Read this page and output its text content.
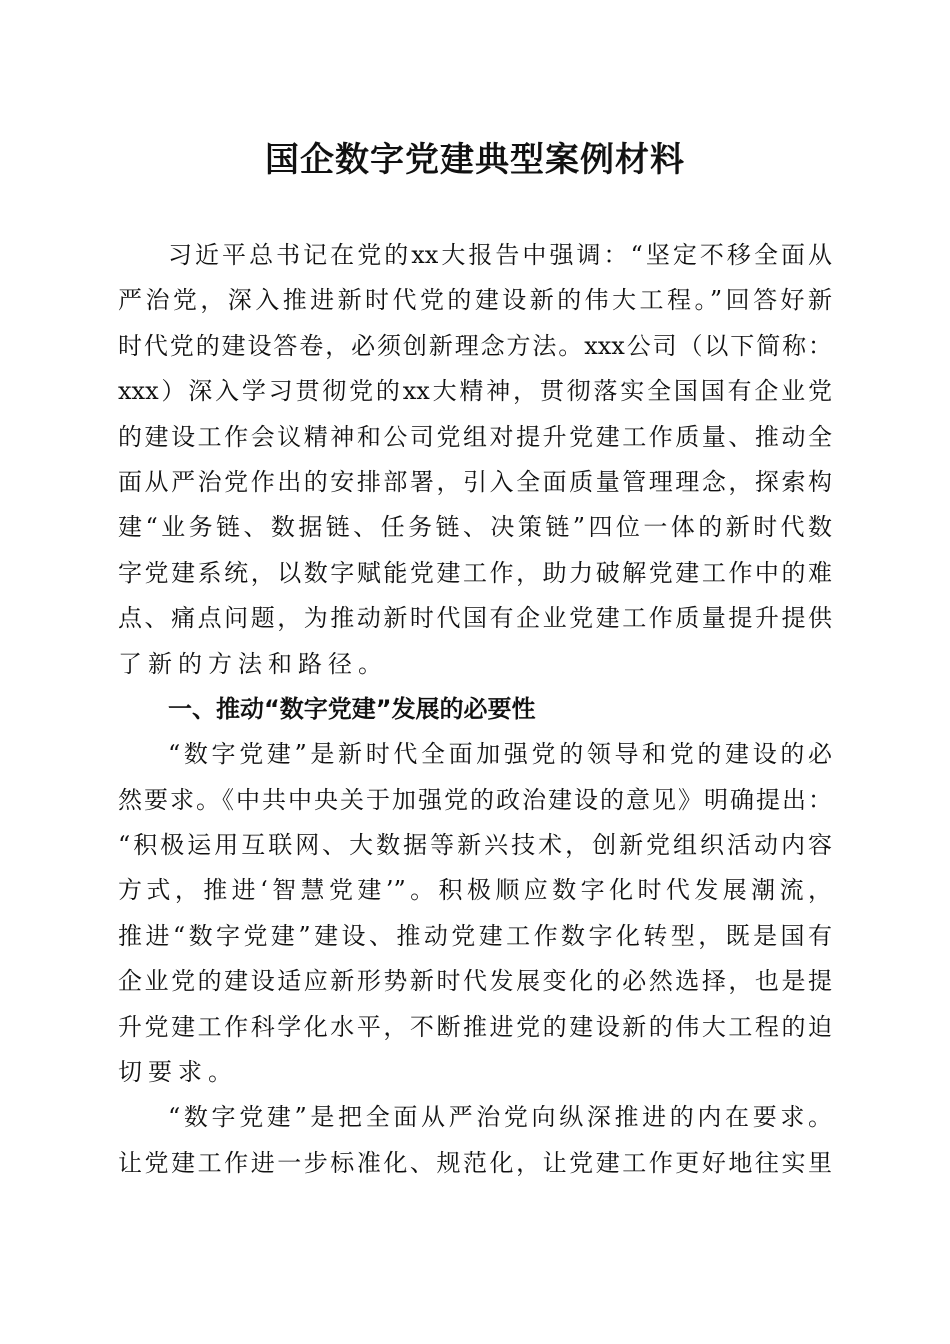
国企数字党建典型案例材料
习近平总书记在党的xx大报告中强调：“坚定不移全面从
严治党，深入推进新时代党的建设新的伟大工程。”回答好新
时代党的建设答卷，必须创新理念方法。xxx公司（以下简称：
xxx）深入学习贯彻党的xx大精神，贯彻落实全国国有企业党
的建设工作会议精神和公司党组对提升党建工作质量、推动全
面从严治党作出的安排部署，引入全面质量管理理念，探索构
建“业务链、数据链、任务链、决策链”四位一体的新时代数
字党建系统，以数字赋能党建工作，助力破解党建工作中的难
点、痛点问题，为推动新时代国有企业党建工作质量提升提供
了新的方法和路径。
一、推动“数字党建”发展的必要性
“数字党建”是新时代全面加强党的领导和党的建设的必
然要求。《中共中央关于加强党的政治建设的意见》明确提出：
“积极运用互联网、大数据等新兴技术，创新党组织活动内容
方式，推进‘智慧党建’”。积极顺应数字化时代发展潮流，
推进“数字党建”建设、推动党建工作数字化转型，既是国有
企业党的建设适应新形势新时代发展变化的必然选择，也是提
升党建工作科学化水平，不断推进党的建设新的伟大工程的迫
切要求。
“数字党建”是把全面从严治党向纵深推进的内在要求。
让党建工作进一步标准化、规范化，让党建工作更好地往实里
